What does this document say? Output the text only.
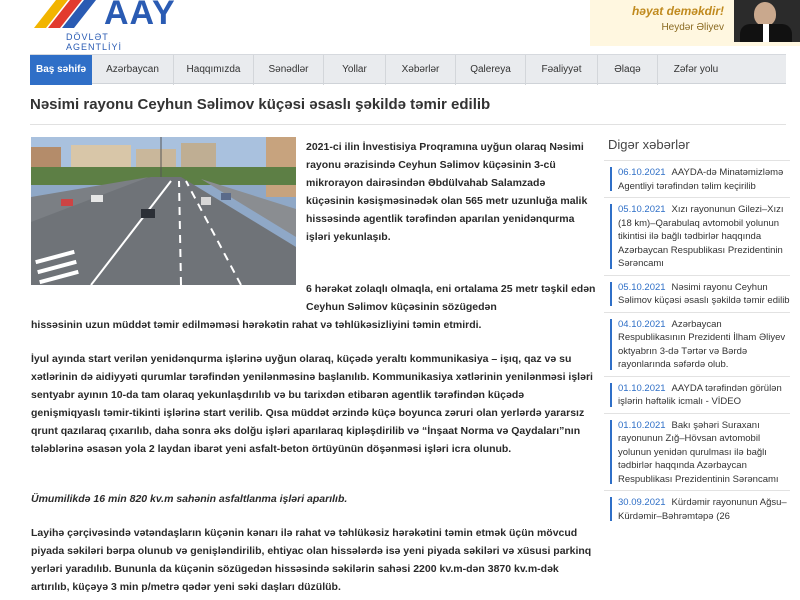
AAY
DÖVLƏT AGENTLİYİ
həyat deməkdir!
Heydər Əliyev
Baş səhifə	Azərbaycan	Haqqımızda	Sənədlər	Yollar	Xəbərlər	Qalereya	Fəaliyyət	Əlaqə	Zəfər yolu
Nəsimi rayonu Ceyhun Səlimov küçəsi əsaslı şəkildə təmir edilib

2021-ci ilin İnvestisiya Proqramına uyğun olaraq Nəsimi rayonu ərazisində Ceyhun Səlimov küçəsinin 3-cü mikrorayon dairəsindən Əbdülvahab Salamzadə küçəsinin kəsişməsinədək olan 565 metr uzunluğa malik hissəsində agentlik tərəfindən aparılan yenidənqurma işləri yekunlaşıb.

6 hərəkət zolaqlı olmaqla, eni ortalama 25 metr təşkil edən Ceyhun Səlimov küçəsinin sözügedən

hissəsinin uzun müddət təmir edilməməsi hərəkətin rahat və təhlükəsizliyini təmin etmirdi.

İyul ayında start verilən yenidənqurma işlərinə uyğun olaraq, küçədə yeraltı kommunikasiya – işıq, qaz və su xətlərinin də aidiyyəti qurumlar tərəfindən yenilənməsinə başlanılıb. Kommunikasiya xətlərinin yenilənməsi işləri sentyabr ayının 10-da tam olaraq yekunlaşdırılıb və bu tarixdən etibarən agentlik tərəfindən küçədə genişmiqyaslı təmir-tikinti işlərinə start verilib. Qısa müddət ərzində küçə boyunca zəruri olan yerlərdə yararsız qrunt qazılaraq çıxarılıb, daha sonra əks dolğu işləri aparılaraq kipləşdirilib və “İnşaat Norma və Qaydaları”nın tələblərinə əsasən yola 2 laydan ibarət yeni asfalt-beton örtüyünün döşənməsi işləri icra olunub.

Ümumilikdə 16 min 820 kv.m sahənin asfaltlanma işləri aparılıb.

Layihə çərçivəsində vətəndaşların küçənin kənarı ilə rahat və təhlükəsiz hərəkətini təmin etmək üçün mövcud piyada səkiləri bərpa olunub və genişləndirilib, ehtiyac olan hissələrdə isə yeni piyada səkiləri və xüsusi parkinq yerləri yaradılıb. Bununla da küçənin sözügedən hissəsində səkilərin sahəsi 2200 kv.m-dən 3870 kv.m-dək artırılıb, küçəyə 3 min p/metrə qədər yeni səki daşları düzülüb.

Digər xəbərlər
06.10.2021 AAYDA-də Minatəmizləmə Agentliyi tərəfindən təlim keçirilib
05.10.2021 Xızı rayonunun Gilezi–Xızı (18 km)–Qarabulaq avtomobil yolunun tikintisi ilə bağlı tədbirlər haqqında Azərbaycan Respublikası Prezidentinin Sərəncamı
05.10.2021 Nəsimi rayonu Ceyhun Səlimov küçəsi əsaslı şəkildə təmir edilib
04.10.2021 Azərbaycan Respublikasının Prezidenti İlham Əliyev oktyabrın 3-də Tərtər və Bərdə rayonlarında səfərdə olub.
01.10.2021 AAYDA tərəfindən görülən işlərin həftəlik icmalı - VİDEO
01.10.2021 Bakı şəhəri Suraxanı rayonunun Zığ–Hövsan avtomobil yolunun yenidən qurulması ilə bağlı tədbirlər haqqında Azərbaycan Respublikası Prezidentinin Sərəncamı
30.09.2021 Kürdəmir rayonunun Ağsu–Kürdəmir–Bəhrəmtəpə (26
